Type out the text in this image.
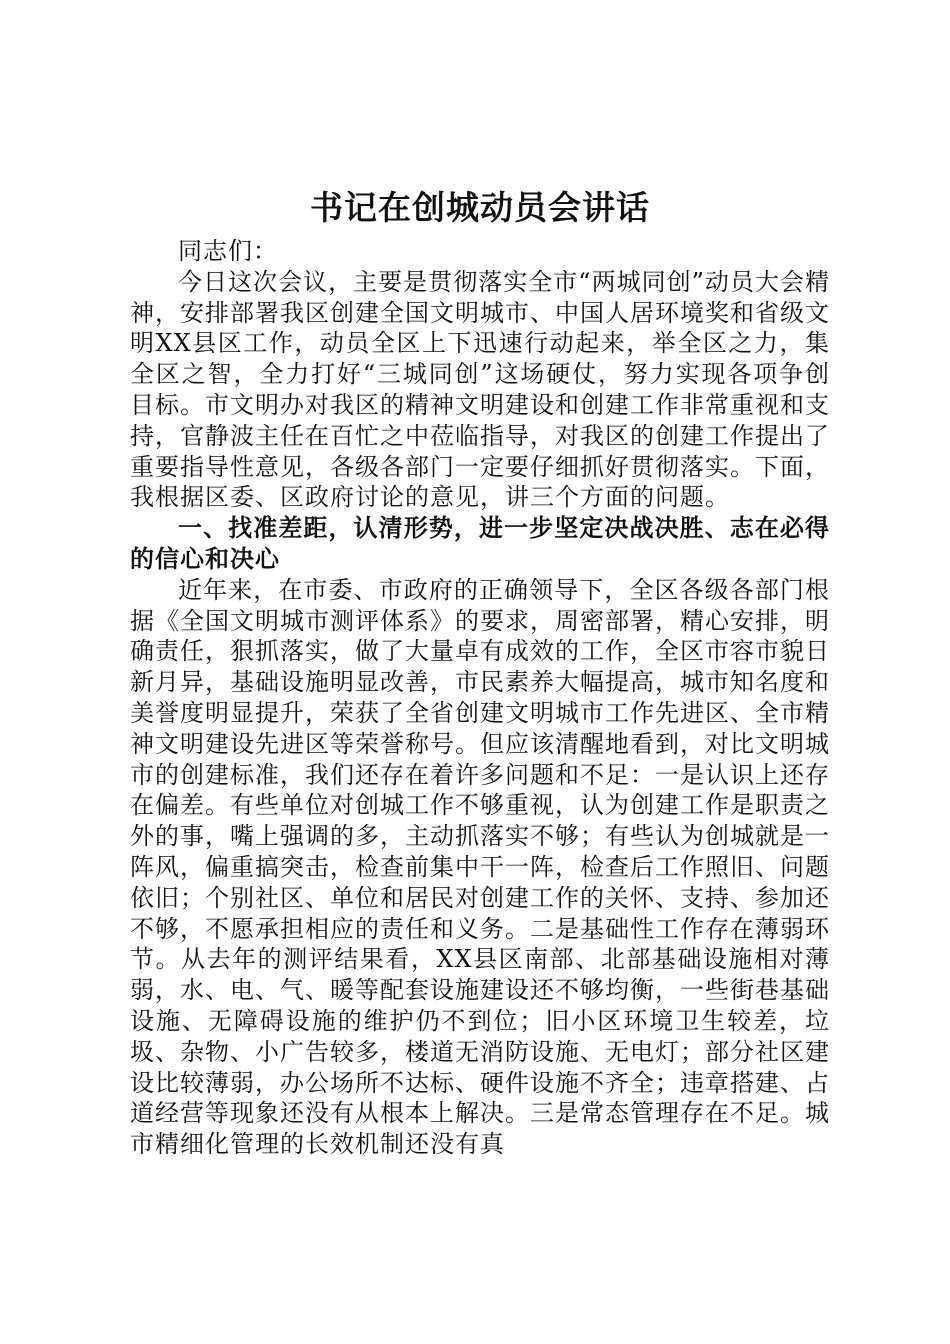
书记在创城动员会讲话

同志们：

今日这次会议，主要是贯彻落实全市“两城同创”动员大会精神，安排部署我区创建全国文明城市、中国人居环境奖和省级文明XX县区工作，动员全区上下迅速行动起来，举全区之力，集全区之智，全力打好“三城同创”这场硬仗，努力实现各项争创目标。市文明办对我区的精神文明建设和创建工作非常重视和支持，官静波主任在百忙之中莅临指导，对我区的创建工作提出了重要指导性意见，各级各部门一定要仔细抓好贯彻落实。下面，我根据区委、区政府讨论的意见，讲三个方面的问题。

一、找准差距，认清形势，进一步坚定决战决胜、志在必得的信心和决心

近年来，在市委、市政府的正确领导下，全区各级各部门根据《全国文明城市测评体系》的要求，周密部署，精心安排，明确责任，狠抓落实，做了大量卓有成效的工作，全区市容市貌日新月异，基础设施明显改善，市民素养大幅提高，城市知名度和美誉度明显提升，荣获了全省创建文明城市工作先进区、全市精神文明建设先进区等荣誉称号。但应该清醒地看到，对比文明城市的创建标准，我们还存在着许多问题和不足：一是认识上还存在偏差。有些单位对创城工作不够重视，认为创建工作是职责之外的事，嘴上强调的多，主动抓落实不够；有些认为创城就是一阵风，偏重搞突击，检查前集中干一阵，检查后工作照旧、问题依旧；个别社区、单位和居民对创建工作的关怀、支持、参加还不够，不愿承担相应的责任和义务。二是基础性工作存在薄弱环节。从去年的测评结果看，XX县区南部、北部基础设施相对薄弱，水、电、气、暖等配套设施建设还不够均衡，一些街巷基础设施、无障碍设施的维护仍不到位；旧小区环境卫生较差，垃圾、杂物、小广告较多，楼道无消防设施、无电灯；部分社区建设比较薄弱，办公场所不达标、硬件设施不齐全；违章搭建、占道经营等现象还没有从根本上解决。三是常态管理存在不足。城市精细化管理的长效机制还没有真
